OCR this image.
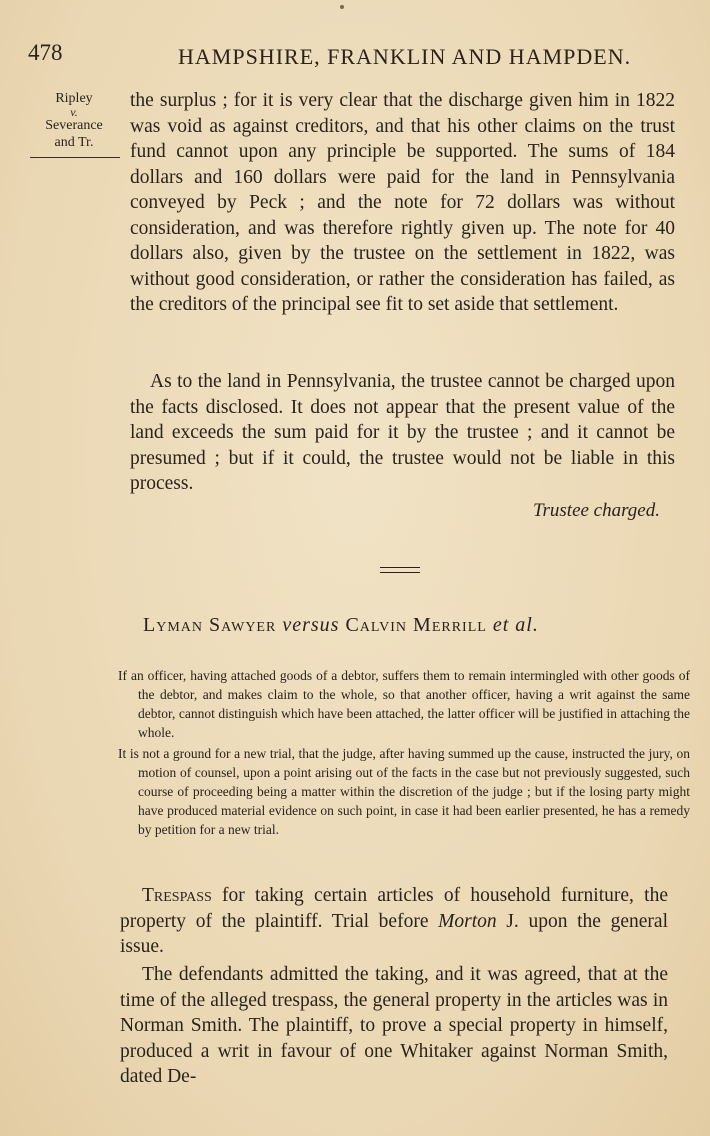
478	HAMPSHIRE, FRANKLIN AND HAMPDEN.
Ripley
v.
Severance
and Tr.
the surplus ; for it is very clear that the discharge given him in 1822 was void as against creditors, and that his other claims on the trust fund cannot upon any principle be supported. The sums of 184 dollars and 160 dollars were paid for the land in Pennsylvania conveyed by Peck ; and the note for 72 dollars was without consideration, and was therefore rightly given up. The note for 40 dollars also, given by the trustee on the settlement in 1822, was without good consideration, or rather the consideration has failed, as the creditors of the principal see fit to set aside that settlement.
As to the land in Pennsylvania, the trustee cannot be charged upon the facts disclosed. It does not appear that the present value of the land exceeds the sum paid for it by the trustee ; and it cannot be presumed ; but if it could, the trustee would not be liable in this process.
Trustee charged.
Lyman Sawyer versus Calvin Merrill et al.
If an officer, having attached goods of a debtor, suffers them to remain intermingled with other goods of the debtor, and makes claim to the whole, so that another officer, having a writ against the same debtor, cannot distinguish which have been attached, the latter officer will be justified in attaching the whole.
It is not a ground for a new trial, that the judge, after having summed up the cause, instructed the jury, on motion of counsel, upon a point arising out of the facts in the case but not previously suggested, such course of proceeding being a matter within the discretion of the judge ; but if the losing party might have produced material evidence on such point, in case it had been earlier presented, he has a remedy by petition for a new trial.
Trespass for taking certain articles of household furniture, the property of the plaintiff. Trial before Morton J. upon the general issue.
The defendants admitted the taking, and it was agreed, that at the time of the alleged trespass, the general property in the articles was in Norman Smith. The plaintiff, to prove a special property in himself, produced a writ in favour of one Whitaker against Norman Smith, dated De-
